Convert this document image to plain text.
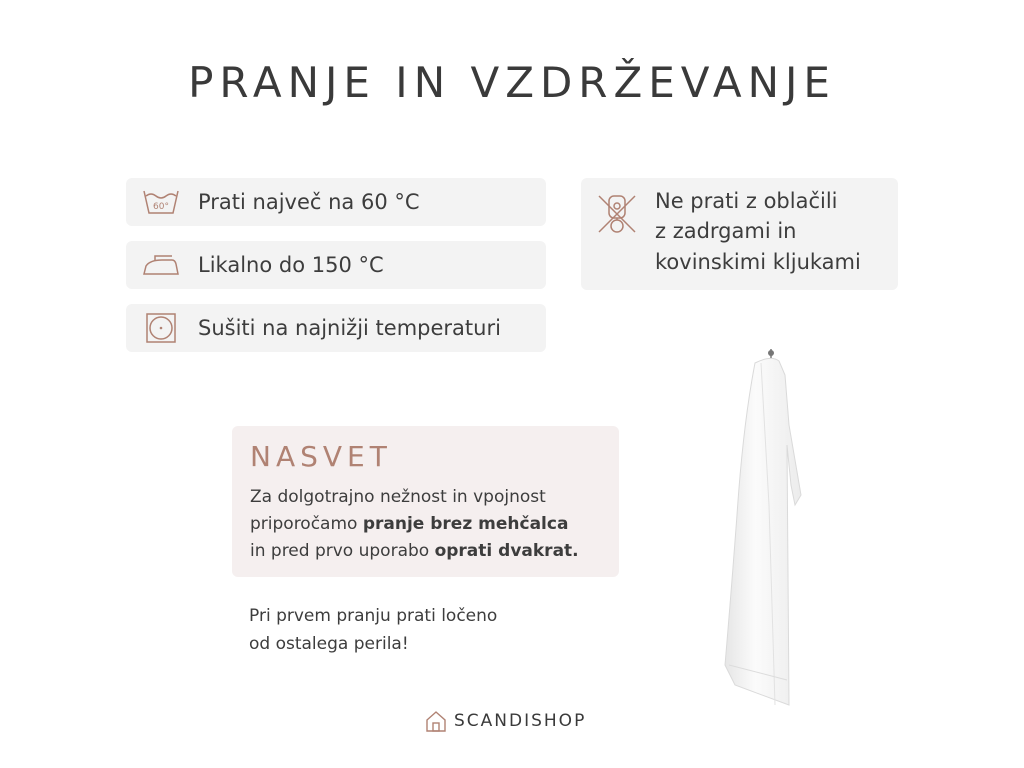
PRANJE IN VZDRŽEVANJE
60° Prati največ na 60 °C
Likalno do 150 °C
Sušiti na najnižji temperaturi
Ne prati z oblačili
z zadrgami in
kovinskimi kljukami
NASVET
Za dolgotrajno nežnost in vpojnost
priporočamo pranje brez mehčalca
in pred prvo uporabo oprati dvakrat.
Pri prvem pranju prati ločeno
od ostalega perila!
SCANDISHOP
